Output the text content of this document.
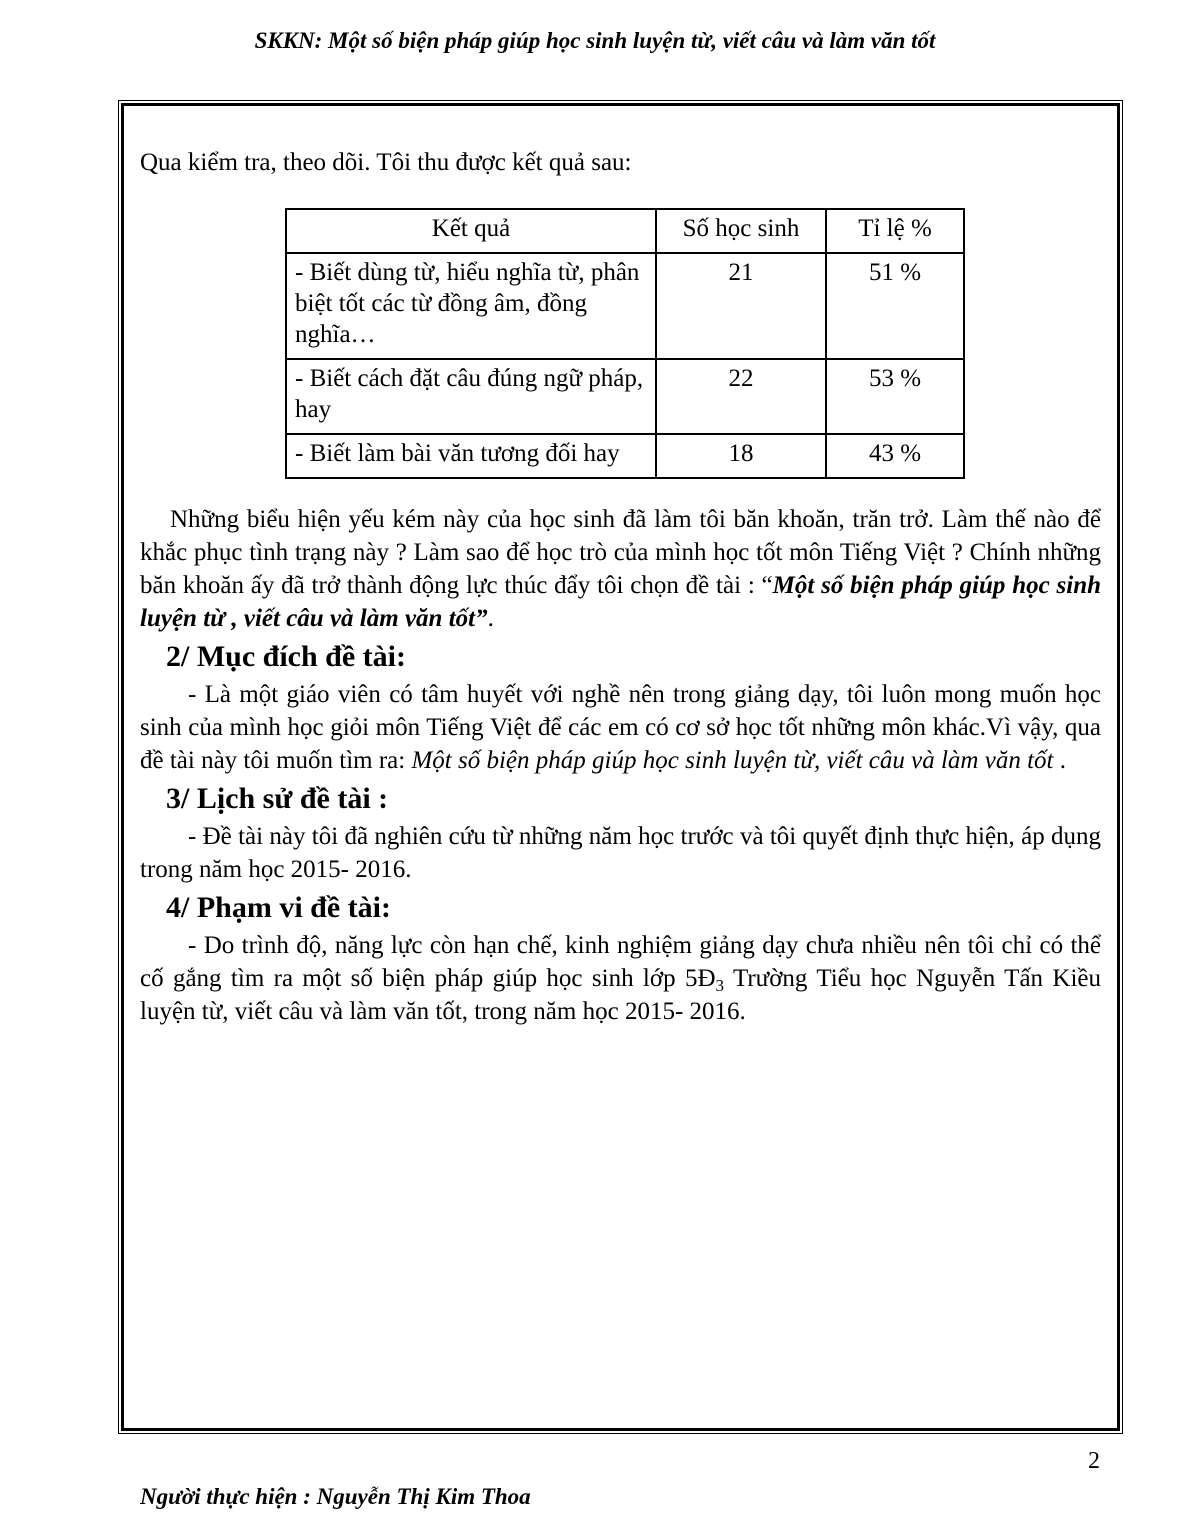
SKKN: Một số biện pháp giúp học sinh luyện từ, viết câu và làm văn tốt
Qua kiểm tra, theo dõi. Tôi thu được kết quả sau:
Kết quả	Số học sinh	Tỉ lệ %
- Biết dùng từ, hiểu nghĩa từ, phân biệt tốt các từ đồng âm, đồng nghĩa…	21	51 %
- Biết cách đặt câu đúng ngữ pháp, hay	22	53 %
- Biết làm bài văn tương đối hay	18	43 %

Những biểu hiện yếu kém này của học sinh đã làm tôi băn khoăn, trăn trở. Làm thế nào để khắc phục tình trạng này ? Làm sao để học trò của mình học tốt môn Tiếng Việt ? Chính những băn khoăn ấy đã trở thành động lực thúc đẩy tôi chọn đề tài : “Một số biện pháp giúp học sinh luyện từ , viết câu và làm văn tốt”.

2/ Mục đích đề tài:

- Là một giáo viên có tâm huyết với nghề nên trong giảng dạy, tôi luôn mong muốn học sinh của mình học giỏi môn Tiếng Việt để các em có cơ sở học tốt những môn khác.Vì vậy, qua đề tài này tôi muốn tìm ra: Một số biện pháp giúp học sinh luyện từ, viết câu và làm văn tốt .

3/ Lịch sử đề tài :

- Đề tài này tôi đã nghiên cứu từ những năm học trước và tôi quyết định thực hiện, áp dụng trong năm học 2015- 2016.

4/ Phạm vi đề tài:

- Do trình độ, năng lực còn hạn chế, kinh nghiệm giảng dạy chưa nhiều nên tôi chỉ có thể cố gắng tìm ra một số biện pháp giúp học sinh lớp $5Đ_3$ Trường Tiểu học Nguyễn Tấn Kiều luyện từ, viết câu và làm văn tốt, trong năm học 2015- 2016.

2
Người thực hiện : Nguyễn Thị Kim Thoa
